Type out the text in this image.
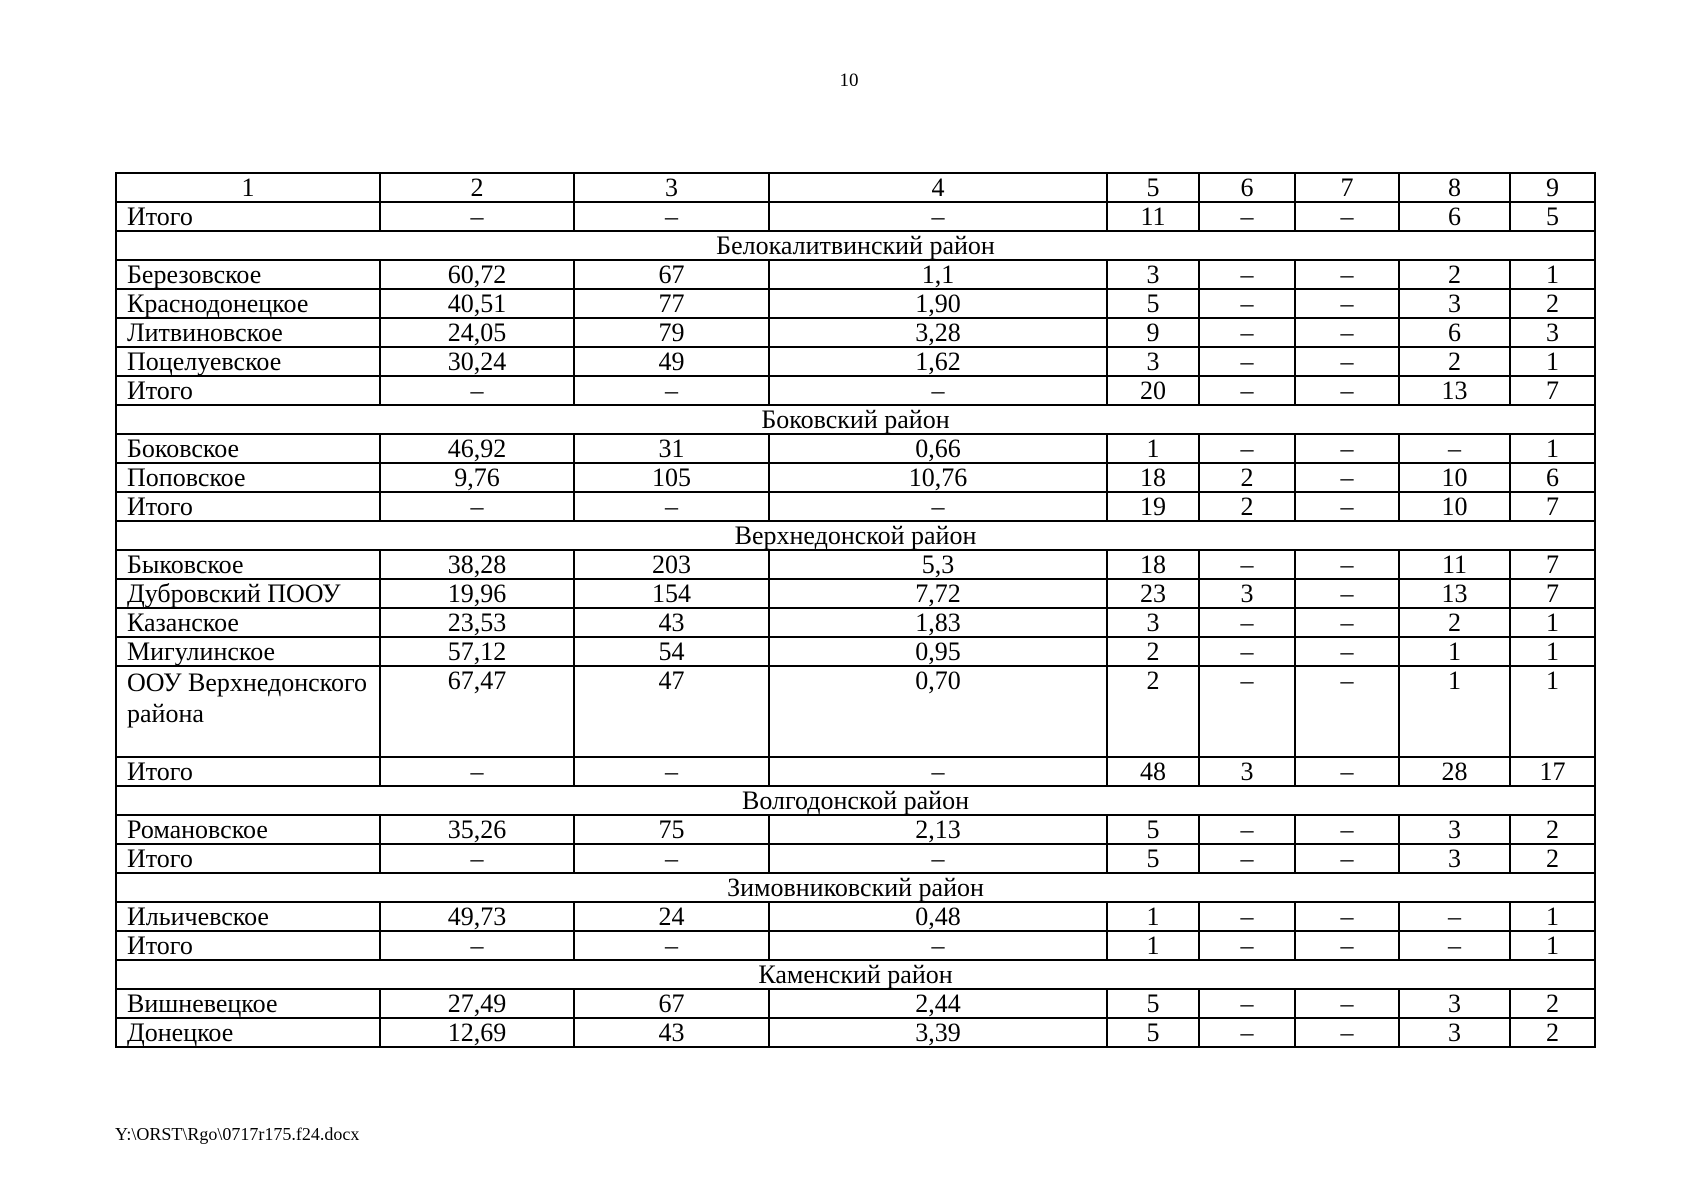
10
1	2	3	4	5	6	7	8	9
Итого	–	–	–	11	–	–	6	5
Белокалитвинский район								
Березовское	60,72	67	1,1	3	–	–	2	1
Краснодонецкое	40,51	77	1,90	5	–	–	3	2
Литвиновское	24,05	79	3,28	9	–	–	6	3
Поцелуевское	30,24	49	1,62	3	–	–	2	1
Итого	–	–	–	20	–	–	13	7
Боковский район								
Боковское	46,92	31	0,66	1	–	–	–	1
Поповское	9,76	105	10,76	18	2	–	10	6
Итого	–	–	–	19	2	–	10	7
Верхнедонской район								
Быковское	38,28	203	5,3	18	–	–	11	7
Дубровский ПООУ	19,96	154	7,72	23	3	–	13	7
Казанское	23,53	43	1,83	3	–	–	2	1
Мигулинское	57,12	54	0,95	2	–	–	1	1
ООУ Верхнедонского района	67,47	47	0,70	2	–	–	1	1
Итого	–	–	–	48	3	–	28	17
Волгодонской район								
Романовское	35,26	75	2,13	5	–	–	3	2
Итого	–	–	–	5	–	–	3	2
Зимовниковский район								
Ильичевское	49,73	24	0,48	1	–	–	–	1
Итого	–	–	–	1	–	–	–	1
Каменский район								
Вишневецкое	27,49	67	2,44	5	–	–	3	2
Донецкое	12,69	43	3,39	5	–	–	3	2
Y:\ORST\Rgo\0717r175.f24.docx
